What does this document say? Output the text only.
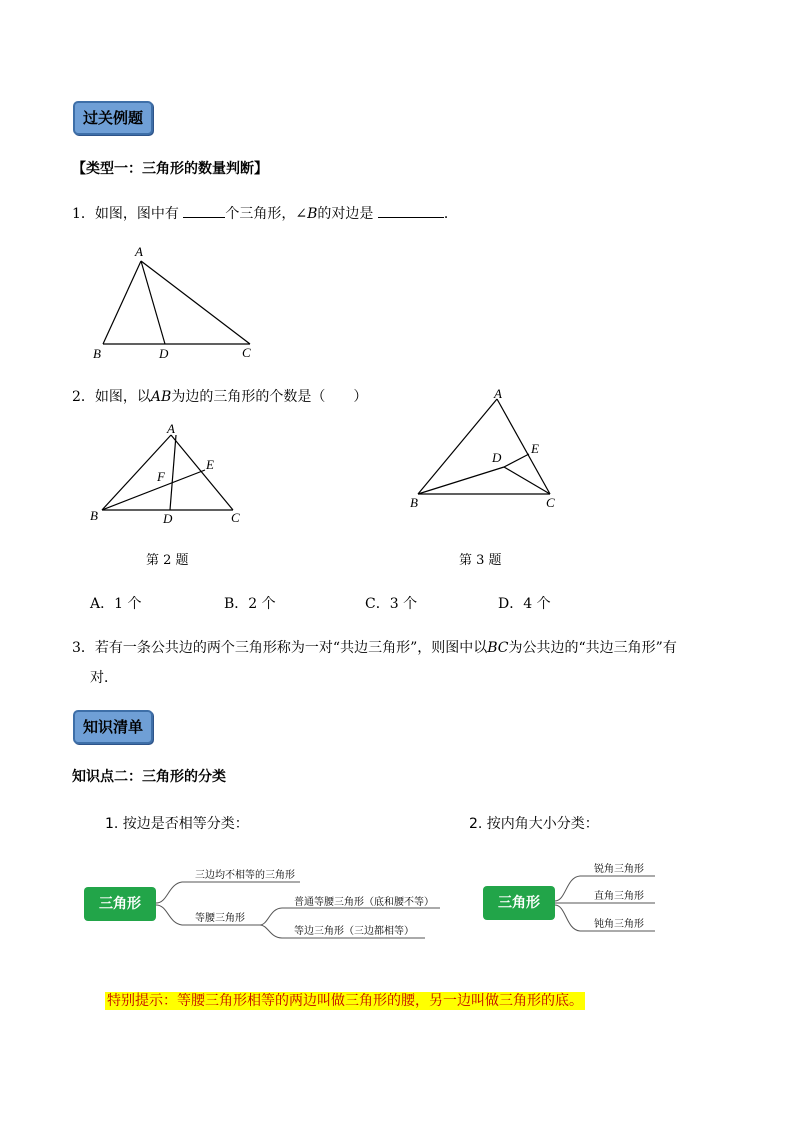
过关例题
【类型一：三角形的数量判断】
1．如图，图中有	个三角形，∠B的对边是	．
A
B	D	C
2．如图，以AB为边的三角形的个数是（　　）
A
E
F
B	D	C
A
E
D
B	C
第 2 题	第 3 题
A．1 个	B．2 个	C．3 个	D．4 个
3．若有一条公共边的两个三角形称为一对“共边三角形”，则图中以BC为公共边的“共边三角形”有
对．
知识清单
知识点二：三角形的分类
1. 按边是否相等分类：	2. 按内角大小分类：
三角形
三边均不相等的三角形
等腰三角形
普通等腰三角形（底和腰不等）
等边三角形（三边都相等）
三角形
锐角三角形
直角三角形
钝角三角形
特别提示：等腰三角形相等的两边叫做三角形的腰，另一边叫做三角形的底。
